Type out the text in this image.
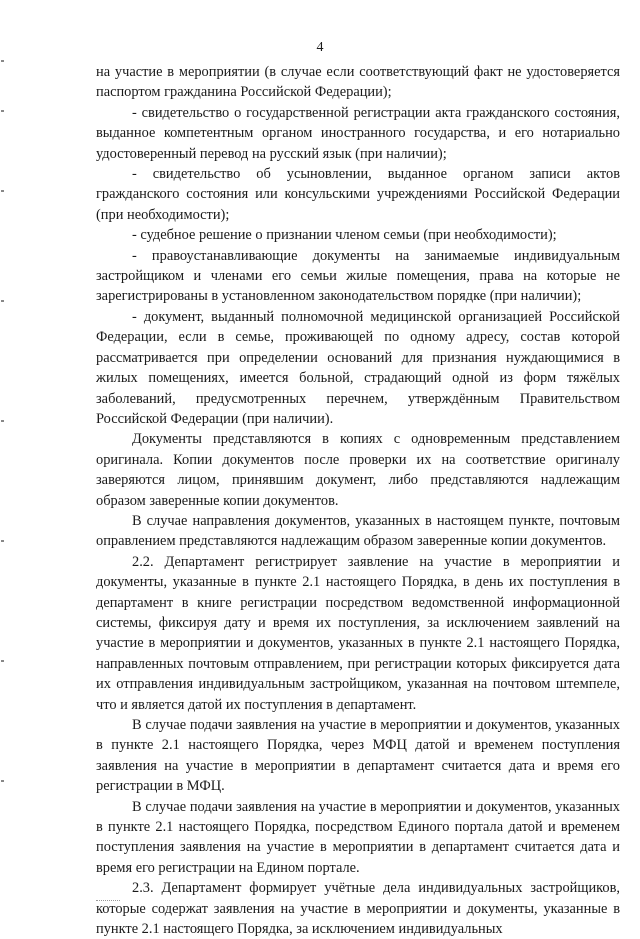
4

на участие в мероприятии (в случае если соответствующий факт не удостоверяется паспортом гражданина Российской Федерации);

- свидетельство о государственной регистрации акта гражданского состояния, выданное компетентным органом иностранного государства, и его нотариально удостоверенный перевод на русский язык (при наличии);

- свидетельство об усыновлении, выданное органом записи актов гражданского состояния или консульскими учреждениями Российской Федерации (при необходимости);

- судебное решение о признании членом семьи (при необходимости);

- правоустанавливающие документы на занимаемые индивидуальным застройщиком и членами его семьи жилые помещения, права на которые не зарегистрированы в установленном законодательством порядке (при наличии);

- документ, выданный полномочной медицинской организацией Российской Федерации, если в семье, проживающей по одному адресу, состав которой рассматривается при определении оснований для признания нуждающимися в жилых помещениях, имеется больной, страдающий одной из форм тяжёлых заболеваний, предусмотренных перечнем, утверждённым Правительством Российской Федерации (при наличии).

Документы представляются в копиях с одновременным представлением оригинала. Копии документов после проверки их на соответствие оригиналу заверяются лицом, принявшим документ, либо представляются надлежащим образом заверенные копии документов.

В случае направления документов, указанных в настоящем пункте, почтовым оправлением представляются надлежащим образом заверенные копии документов.

2.2. Департамент регистрирует заявление на участие в мероприятии и документы, указанные в пункте 2.1 настоящего Порядка, в день их поступления в департамент в книге регистрации посредством ведомственной информационной системы, фиксируя дату и время их поступления, за исключением заявлений на участие в мероприятии и документов, указанных в пункте 2.1 настоящего Порядка, направленных почтовым отправлением, при регистрации которых фиксируется дата их отправления индивидуальным застройщиком, указанная на почтовом штемпеле, что и является датой их поступления в департамент.

В случае подачи заявления на участие в мероприятии и документов, указанных в пункте 2.1 настоящего Порядка, через МФЦ датой и временем поступления заявления на участие в мероприятии в департамент считается дата и время его регистрации в МФЦ.

В случае подачи заявления на участие в мероприятии и документов, указанных в пункте 2.1 настоящего Порядка, посредством Единого портала датой и временем поступления заявления на участие в мероприятии в департамент считается дата и время его регистрации на Едином портале.

2.3. Департамент формирует учётные дела индивидуальных застройщиков, которые содержат заявления на участие в мероприятии и документы, указанные в пункте 2.1 настоящего Порядка, за исключением индивидуальных
